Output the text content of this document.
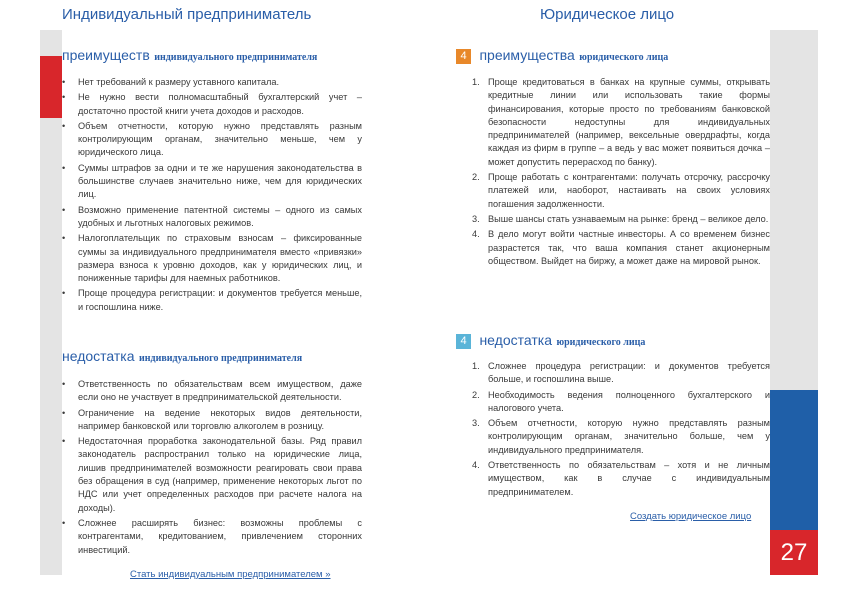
27
Индивидуальный предприниматель
преимуществ индивидуального предпринимателя
• Нет требований к размеру уставного капитала.
• Не нужно вести полномасштабный бухгалтерский учет – достаточно простой книги учета доходов и расходов.
• Объем отчетности, которую нужно представлять разным контролирующим органам, значительно меньше, чем у юридического лица.
• Суммы штрафов за одни и те же нарушения законодательства в большинстве случаев значительно ниже, чем для юридических лиц.
• Возможно применение патентной системы – одного из самых удобных и льготных налоговых режимов.
• Налогоплательщик по страховым взносам – фиксированные суммы за индивидуального предпринимателя вместо «привязки» размера взноса к уровню доходов, как у юридических лиц, и пониженные тарифы для наемных работников.
• Проще процедура регистрации: и документов требуется меньше, и госпошлина ниже.
недостатка индивидуального предпринимателя
• Ответственность по обязательствам всем имуществом, даже если оно не участвует в предпринимательской деятельности.
• Ограничение на ведение некоторых видов деятельности, например банковской или торговлю алкоголем в розницу.
• Недостаточная проработка законодательной базы. Ряд правил законодатель распространил только на юридические лица, лишив предпринимателей возможности реагировать свои права без обращения в суд (например, применение некоторых льгот по НДС или учет определенных расходов при расчете налога на доходы).
• Сложнее расширять бизнес: возможны проблемы с контрагентами, кредитованием, привлечением сторонних инвестиций.
Стать индивидуальным предпринимателем »
Юридическое лицо
4 преимущества юридического лица
1. Проще кредитоваться в банках на крупные суммы, открывать кредитные линии или использовать такие формы финансирования, которые просто по требованиям банковской безопасности недоступны для индивидуальных предпринимателей (например, вексельные овердрафты, когда каждая из фирм в группе – а ведь у вас может появиться дочка – может допустить перерасход по банку).
2. Проще работать с контрагентами: получать отсрочку, рассрочку платежей или, наоборот, настаивать на своих условиях погашения задолженности.
3. Выше шансы стать узнаваемым на рынке: бренд – великое дело.
4. В дело могут войти частные инвесторы. А со временем бизнес разрастется так, что ваша компания станет акционерным обществом. Выйдет на биржу, а может даже на мировой рынок.
4 недостатка юридического лица
1. Сложнее процедура регистрации: и документов требуется больше, и госпошлина выше.
2. Необходимость ведения полноценного бухгалтерского и налогового учета.
3. Объем отчетности, которую нужно представлять разным контролирующим органам, значительно больше, чем у индивидуального предпринимателя.
4. Ответственность по обязательствам – хотя и не личным имуществом, как в случае с индивидуальным предпринимателем.
Создать юридическое лицо
